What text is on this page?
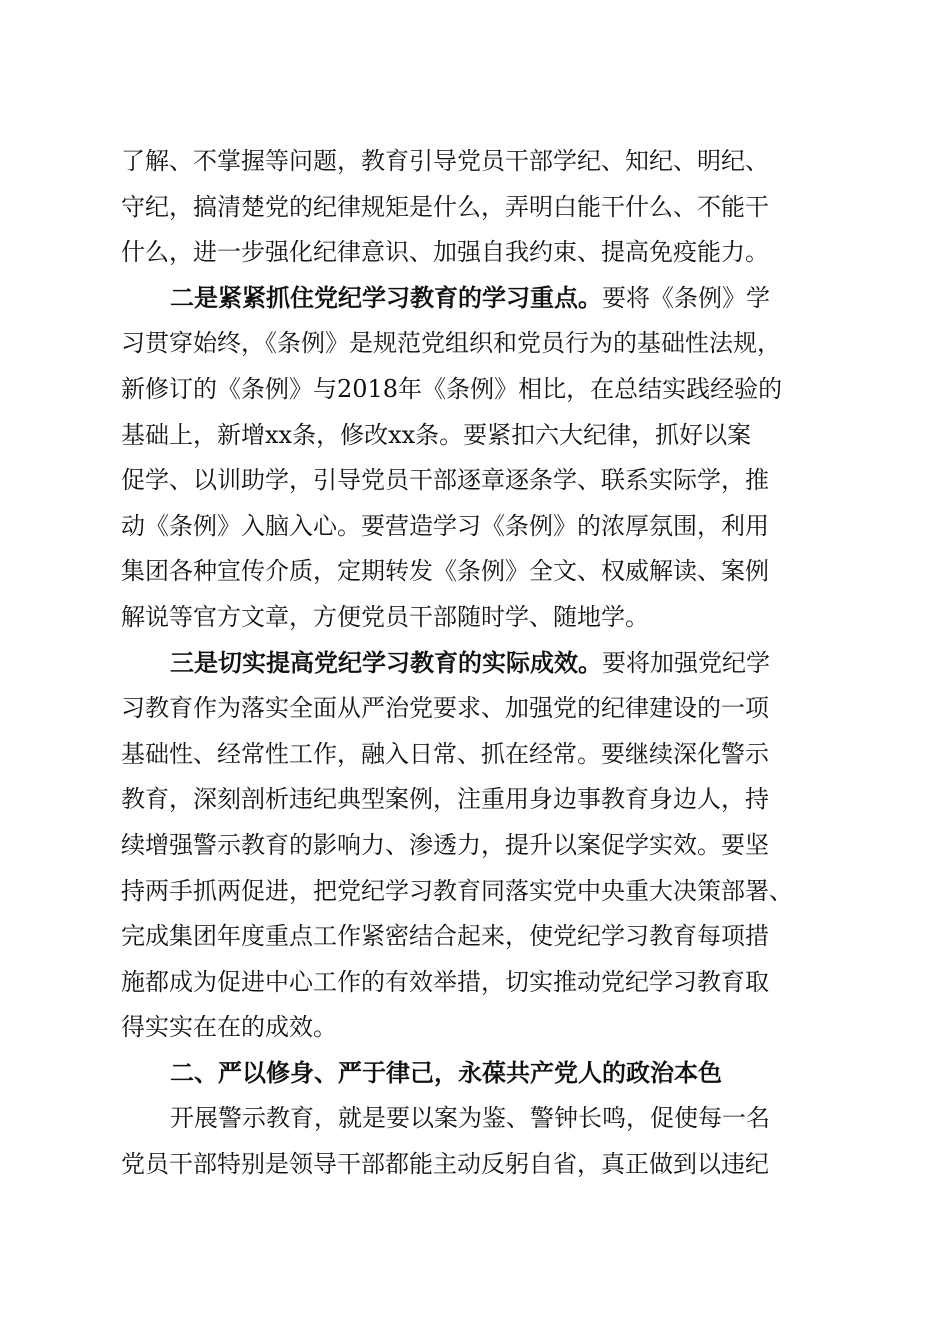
了解、不掌握等问题，教育引导党员干部学纪、知纪、明纪、
守纪，搞清楚党的纪律规矩是什么，弄明白能干什么、不能干
什么，进一步强化纪律意识、加强自我约束、提高免疫能力。
二是紧紧抓住党纪学习教育的学习重点。要将《条例》学
习贯穿始终，《条例》是规范党组织和党员行为的基础性法规，
新修订的《条例》与2018年《条例》相比，在总结实践经验的
基础上，新增xx条，修改xx条。要紧扣六大纪律，抓好以案
促学、以训助学，引导党员干部逐章逐条学、联系实际学，推
动《条例》入脑入心。要营造学习《条例》的浓厚氛围，利用
集团各种宣传介质，定期转发《条例》全文、权威解读、案例
解说等官方文章，方便党员干部随时学、随地学。
三是切实提高党纪学习教育的实际成效。要将加强党纪学
习教育作为落实全面从严治党要求、加强党的纪律建设的一项
基础性、经常性工作，融入日常、抓在经常。要继续深化警示
教育，深刻剖析违纪典型案例，注重用身边事教育身边人，持
续增强警示教育的影响力、渗透力，提升以案促学实效。要坚
持两手抓两促进，把党纪学习教育同落实党中央重大决策部署、
完成集团年度重点工作紧密结合起来，使党纪学习教育每项措
施都成为促进中心工作的有效举措，切实推动党纪学习教育取
得实实在在的成效。
二、严以修身、严于律己，永葆共产党人的政治本色
开展警示教育，就是要以案为鉴、警钟长鸣，促使每一名
党员干部特别是领导干部都能主动反躬自省，真正做到以违纪
